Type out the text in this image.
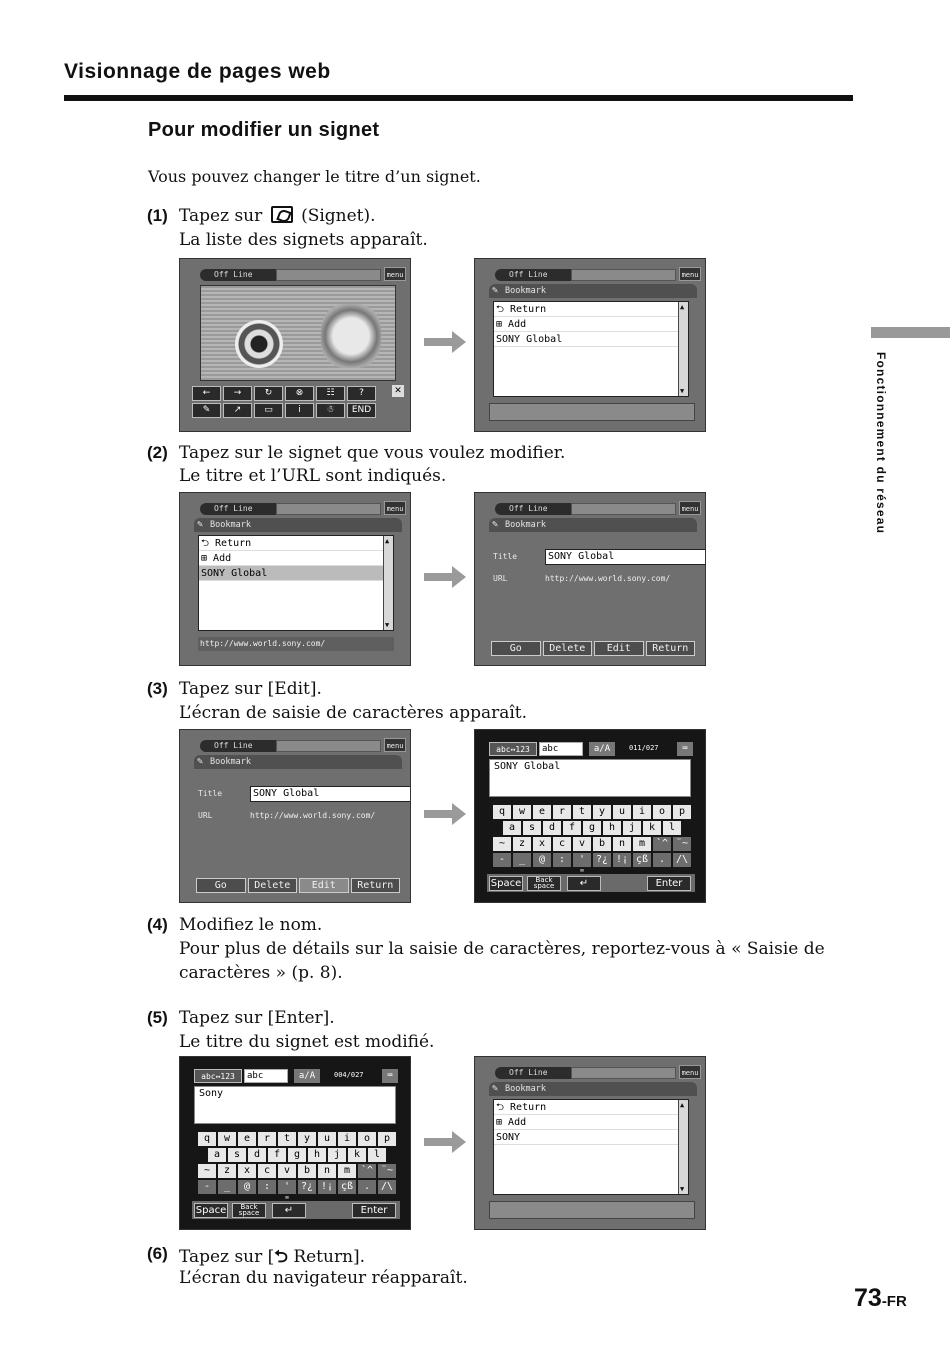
Visionnage de pages web
Pour modifier un signet
Vous pouvez changer le titre d’un signet.
Fonctionnement du réseau
(1) Tapez sur (Signet).
La liste des signets apparaît.
Off Line	menu
←	→	↻	⊗	☷	?	✕
✎	↗	▭	i	☃	END
Off Line	menu
✎ Bookmark
⮌ Return
⊞ Add
SONY Global
▲ ▼
(2) Tapez sur le signet que vous voulez modifier.
Le titre et l’URL sont indiqués.
Off Line	menu
✎ Bookmark
⮌ Return
⊞ Add
SONY Global
▲ ▼
http://www.world.sony.com/
Off Line	menu
✎ Bookmark
Title	SONY Global
URL	http://www.world.sony.com/
Go	Delete	Edit	Return
(3) Tapez sur [Edit].
L’écran de saisie de caractères apparaît.
Off Line	menu
✎ Bookmark
Title	SONY Global
URL	http://www.world.sony.com/
Go	Delete	Edit	Return
abc↔123	abc	a/A	011/027	⌨
SONY Global
q	w	e	r	t	y	u	i	o	p
a	s	d	f	g	h	j	k	l
~	z	x	c	v	b	n	m	`^ ¨~
-	_	@	:	'	?¿ !¡ çß	.	/\
Space	Back space	↵	Enter
(4) Modifiez le nom.
Pour plus de détails sur la saisie de caractères, reportez-vous à « Saisie de
caractères » (p. 8).
(5) Tapez sur [Enter].
Le titre du signet est modifié.
abc↔123	abc	a/A	004/027	⌨
Sony
q	w	e	r	t	y	u	i	o	p
a	s	d	f	g	h	j	k	l
~	z	x	c	v	b	n	m	`^ ¨~
-	_	@	:	'	?¿ !¡ çß	.	/\
Space	Back space	↵	Enter
Off Line	menu
✎ Bookmark
⮌ Return
⊞ Add
SONY
▲ ▼
(6) Tapez sur [⮌ Return].
L’écran du navigateur réapparaît.
73-FR
